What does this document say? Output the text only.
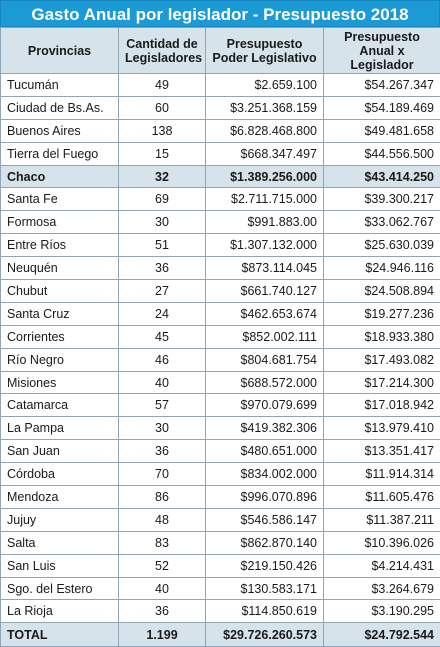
Gasto Anual por legislador - Presupuesto 2018
Provincias	Cantidad de Legisladores	Presupuesto Poder Legislativo	Presupuesto Anual x Legislador
Tucumán	49	$2.659.100	$54.267.347
Ciudad de Bs.As.	60	$3.251.368.159	$54.189.469
Buenos Aires	138	$6.828.468.800	$49.481.658
Tierra del Fuego	15	$668.347.497	$44.556.500
Chaco	32	$1.389.256.000	$43.414.250
Santa Fe	69	$2.711.715.000	$39.300.217
Formosa	30	$991.883.00	$33.062.767
Entre Ríos	51	$1.307.132.000	$25.630.039
Neuquén	36	$873.114.045	$24.946.116
Chubut	27	$661.740.127	$24.508.894
Santa Cruz	24	$462.653.674	$19.277.236
Corrientes	45	$852.002.111	$18.933.380
Río Negro	46	$804.681.754	$17.493.082
Misiones	40	$688.572.000	$17.214.300
Catamarca	57	$970.079.699	$17.018.942
La Pampa	30	$419.382.306	$13.979.410
San Juan	36	$480.651.000	$13.351.417
Córdoba	70	$834.002.000	$11.914.314
Mendoza	86	$996.070.896	$11.605.476
Jujuy	48	$546.586.147	$11.387.211
Salta	83	$862.870.140	$10.396.026
San Luis	52	$219.150.426	$4.214.431
Sgo. del Estero	40	$130.583.171	$3.264.679
La Rioja	36	$114.850.619	$3.190.295
TOTAL	1.199	$29.726.260.573	$24.792.544
